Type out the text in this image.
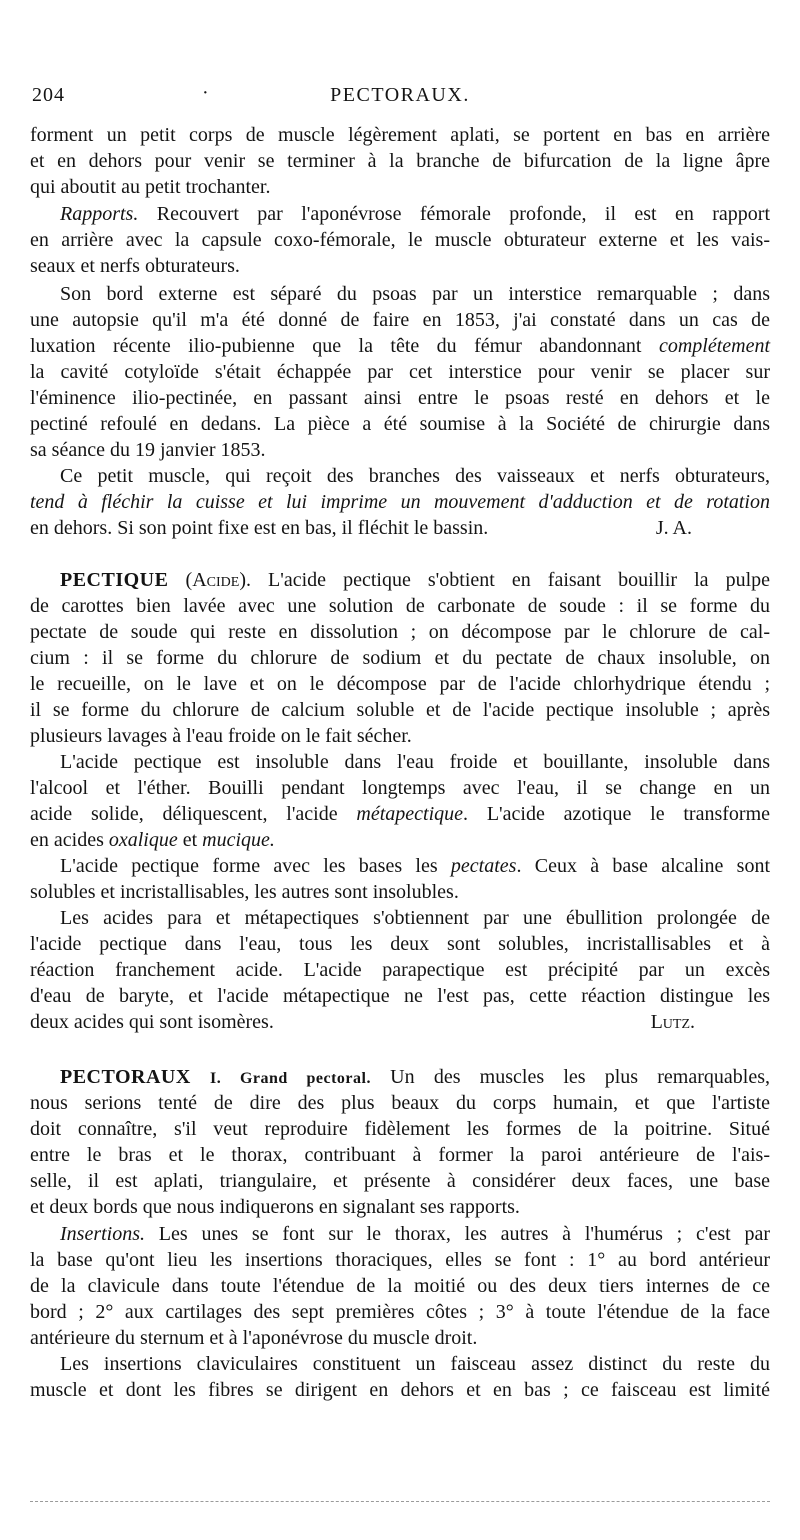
204	·	PECTORAUX.
forment un petit corps de muscle légèrement aplati, se portent en bas en arrière
et en dehors pour venir se terminer à la branche de bifurcation de la ligne âpre
qui aboutit au petit trochanter.
Rapports. Recouvert par l'aponévrose fémorale profonde, il est en rapport
en arrière avec la capsule coxo-fémorale, le muscle obturateur externe et les vais-
seaux et nerfs obturateurs.
Son bord externe est séparé du psoas par un interstice remarquable ; dans
une autopsie qu'il m'a été donné de faire en 1853, j'ai constaté dans un cas de
luxation récente ilio-pubienne que la tête du fémur abandonnant complétement
la cavité cotyloïde s'était échappée par cet interstice pour venir se placer sur
l'éminence ilio-pectinée, en passant ainsi entre le psoas resté en dehors et le
pectiné refoulé en dedans. La pièce a été soumise à la Société de chirurgie dans
sa séance du 19 janvier 1853.
Ce petit muscle, qui reçoit des branches des vaisseaux et nerfs obturateurs,
tend à fléchir la cuisse et lui imprime un mouvement d'adduction et de rotation
en dehors. Si son point fixe est en bas, il fléchit le bassin.	J. A.
PECTIQUE (Acide). L'acide pectique s'obtient en faisant bouillir la pulpe
de carottes bien lavée avec une solution de carbonate de soude : il se forme du
pectate de soude qui reste en dissolution ; on décompose par le chlorure de cal-
cium : il se forme du chlorure de sodium et du pectate de chaux insoluble, on
le recueille, on le lave et on le décompose par de l'acide chlorhydrique étendu ;
il se forme du chlorure de calcium soluble et de l'acide pectique insoluble ; après
plusieurs lavages à l'eau froide on le fait sécher.
L'acide pectique est insoluble dans l'eau froide et bouillante, insoluble dans
l'alcool et l'éther. Bouilli pendant longtemps avec l'eau, il se change en un
acide solide, déliquescent, l'acide métapectique. L'acide azotique le transforme
en acides oxalique et mucique.
L'acide pectique forme avec les bases les pectates. Ceux à base alcaline sont
solubles et incristallisables, les autres sont insolubles.
Les acides para et métapectiques s'obtiennent par une ébullition prolongée de
l'acide pectique dans l'eau, tous les deux sont solubles, incristallisables et à
réaction franchement acide. L'acide parapectique est précipité par un excès
d'eau de baryte, et l'acide métapectique ne l'est pas, cette réaction distingue les
deux acides qui sont isomères.	Lutz.
PECTORAUX I. Grand pectoral. Un des muscles les plus remarquables,
nous serions tenté de dire des plus beaux du corps humain, et que l'artiste
doit connaître, s'il veut reproduire fidèlement les formes de la poitrine. Situé
entre le bras et le thorax, contribuant à former la paroi antérieure de l'ais-
selle, il est aplati, triangulaire, et présente à considérer deux faces, une base
et deux bords que nous indiquerons en signalant ses rapports.
Insertions. Les unes se font sur le thorax, les autres à l'humérus ; c'est par
la base qu'ont lieu les insertions thoraciques, elles se font : 1° au bord antérieur
de la clavicule dans toute l'étendue de la moitié ou des deux tiers internes de ce
bord ; 2° aux cartilages des sept premières côtes ; 3° à toute l'étendue de la face
antérieure du sternum et à l'aponévrose du muscle droit.
Les insertions claviculaires constituent un faisceau assez distinct du reste du
muscle et dont les fibres se dirigent en dehors et en bas ; ce faisceau est limité
